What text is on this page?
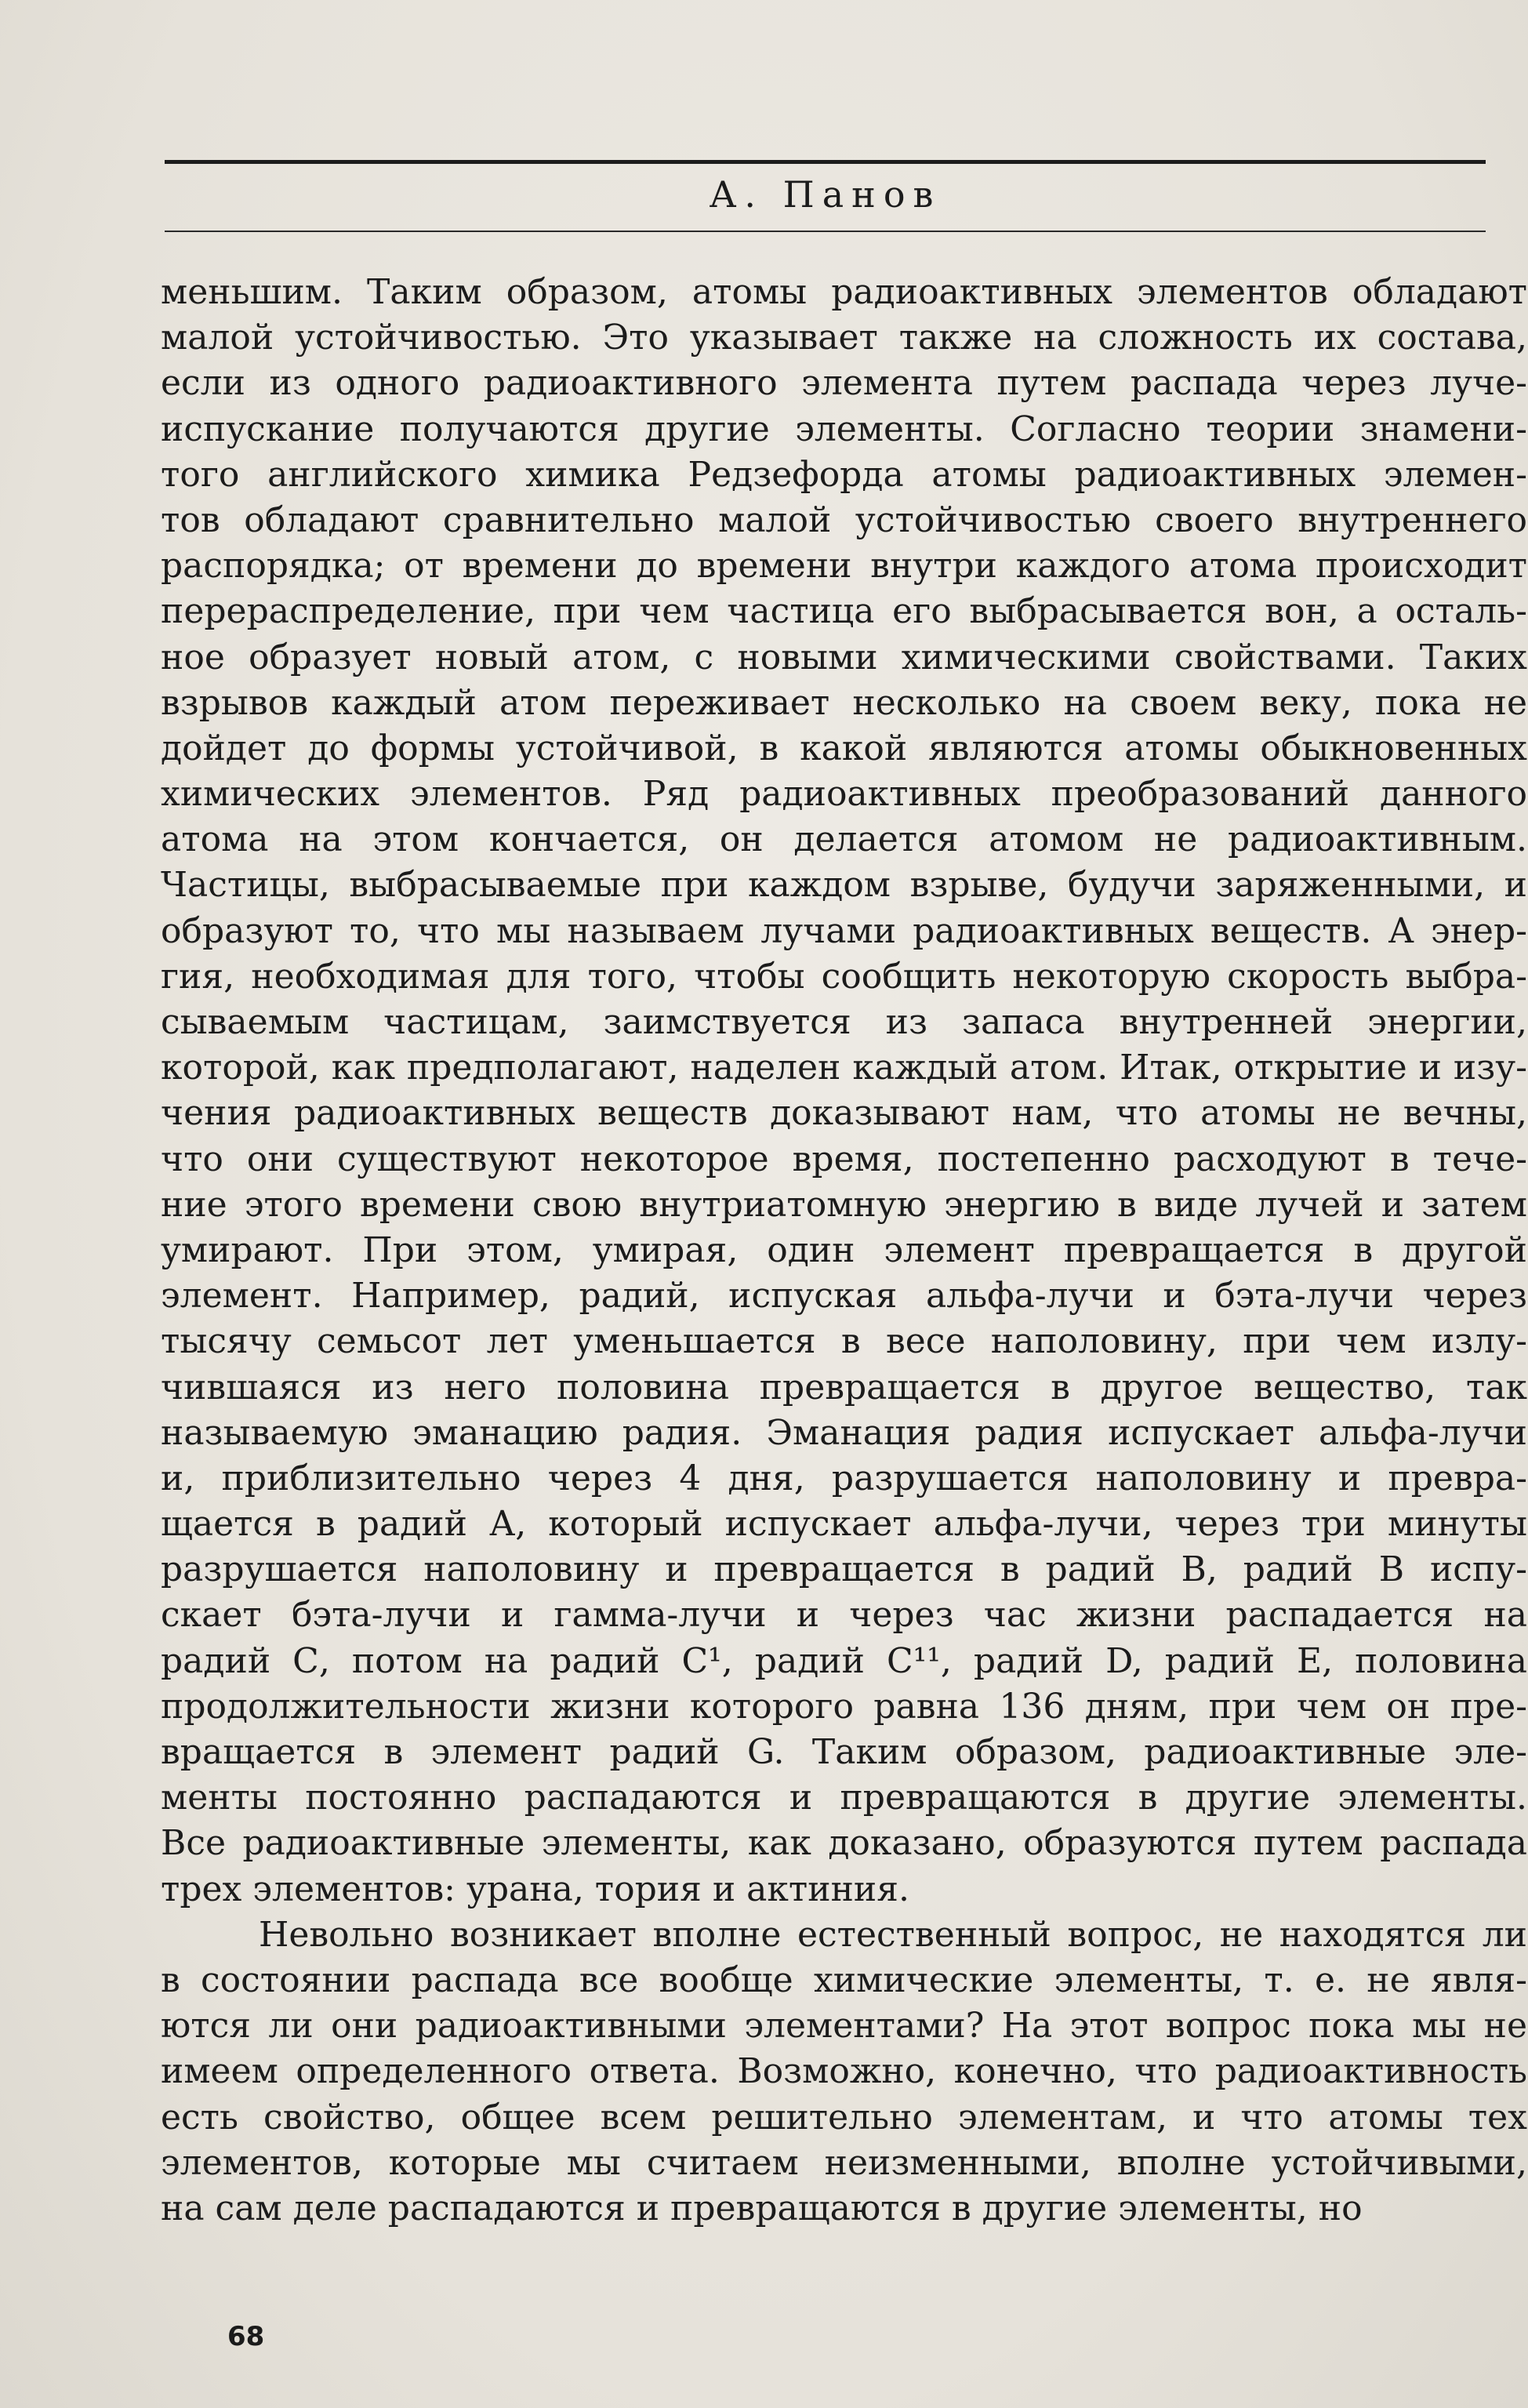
А. Панов
меньшим. Таким образом, атомы радиоактивных элементов обладают
малой устойчивостью. Это указывает также на сложность их состава,
если из одного радиоактивного элемента путем распада через луче-
испускание получаются другие элементы. Согласно теории знамени-
того английского химика Редзефорда атомы радиоактивных элемен-
тов обладают сравнительно малой устойчивостью своего внутреннего
распорядка; от времени до времени внутри каждого атома происходит
перераспределение, при чем частица его выбрасывается вон, а осталь-
ное образует новый атом, с новыми химическими свойствами. Таких
взрывов каждый атом переживает несколько на своем веку, пока не
дойдет до формы устойчивой, в какой являются атомы обыкновенных
химических элементов. Ряд радиоактивных преобразований данного
атома на этом кончается, он делается атомом не радиоактивным.
Частицы, выбрасываемые при каждом взрыве, будучи заряженными, и
образуют то, что мы называем лучами радиоактивных веществ. А энер-
гия, необходимая для того, чтобы сообщить некоторую скорость выбра-
сываемым частицам, заимствуется из запаса внутренней энергии,
которой, как предполагают, наделен каждый атом. Итак, открытие и изу-
чения радиоактивных веществ доказывают нам, что атомы не вечны,
что они существуют некоторое время, постепенно расходуют в тече-
ние этого времени свою внутриатомную энергию в виде лучей и затем
умирают. При этом, умирая, один элемент превращается в другой
элемент. Например, радий, испуская альфа-лучи и бэта-лучи через
тысячу семьсот лет уменьшается в весе наполовину, при чем излу-
чившаяся из него половина превращается в другое вещество, так
называемую эманацию радия. Эманация радия испускает альфа-лучи
и, приблизительно через 4 дня, разрушается наполовину и превра-
щается в радий А, который испускает альфа-лучи, через три минуты
разрушается наполовину и превращается в радий В, радий В испу-
скает бэта-лучи и гамма-лучи и через час жизни распадается на
радий С, потом на радий С¹, радий С¹¹, радий D, радий E, половина
продолжительности жизни которого равна 136 дням, при чем он пре-
вращается в элемент радий G. Таким образом, радиоактивные эле-
менты постоянно распадаются и превращаются в другие элементы.
Все радиоактивные элементы, как доказано, образуются путем распада
трех элементов: урана, тория и актиния.
Невольно возникает вполне естественный вопрос, не находятся ли
в состоянии распада все вообще химические элементы, т. е. не явля-
ются ли они радиоактивными элементами? На этот вопрос пока мы не
имеем определенного ответа. Возможно, конечно, что радиоактивность
есть свойство, общее всем решительно элементам, и что атомы тех
элементов, которые мы считаем неизменными, вполне устойчивыми,
на сам деле распадаются и превращаются в другие элементы, но
68
